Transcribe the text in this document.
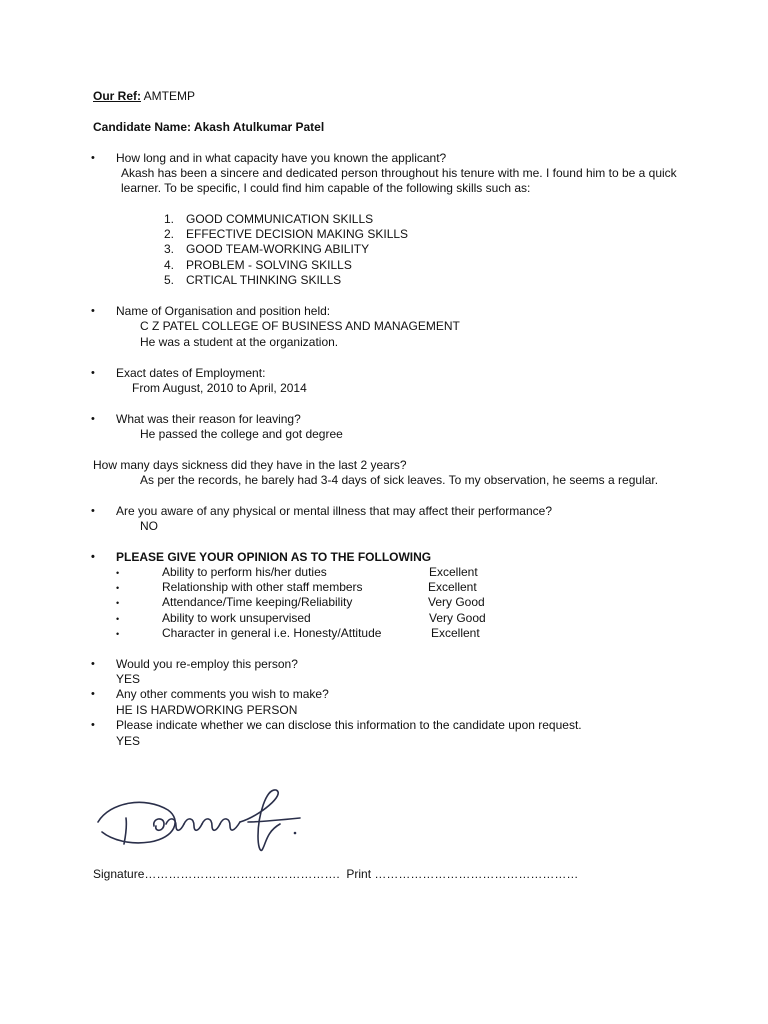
Our Ref: AMTEMP
Candidate Name: Akash Atulkumar Patel
• How long and in what capacity have you known the applicant?
Akash has been a sincere and dedicated person throughout his tenure with me. I found him to be a quick
learner. To be specific, I could find him capable of the following skills such as:
1. GOOD COMMUNICATION SKILLS
2. EFFECTIVE DECISION MAKING SKILLS
3. GOOD TEAM-WORKING ABILITY
4. PROBLEM - SOLVING SKILLS
5. CRTICAL THINKING SKILLS
• Name of Organisation and position held:
C Z PATEL COLLEGE OF BUSINESS AND MANAGEMENT
He was a student at the organization.
• Exact dates of Employment:
From August, 2010 to April, 2014
• What was their reason for leaving?
He passed the college and got degree
How many days sickness did they have in the last 2 years?
As per the records, he barely had 3-4 days of sick leaves. To my observation, he seems a regular.
• Are you aware of any physical or mental illness that may affect their performance?
NO
• PLEASE GIVE YOUR OPINION AS TO THE FOLLOWING
•	Ability to perform his/her duties	Excellent
•	Relationship with other staff members	Excellent
•	Attendance/Time keeping/Reliability	Very Good
•	Ability to work unsupervised	Very Good
•	Character in general i.e. Honesty/Attitude	Excellent
• Would you re-employ this person?
YES
• Any other comments you wish to make?
HE IS HARDWORKING PERSON
• Please indicate whether we can disclose this information to the candidate upon request.
YES
Signature…………………………………………. Print ……………………………………………
